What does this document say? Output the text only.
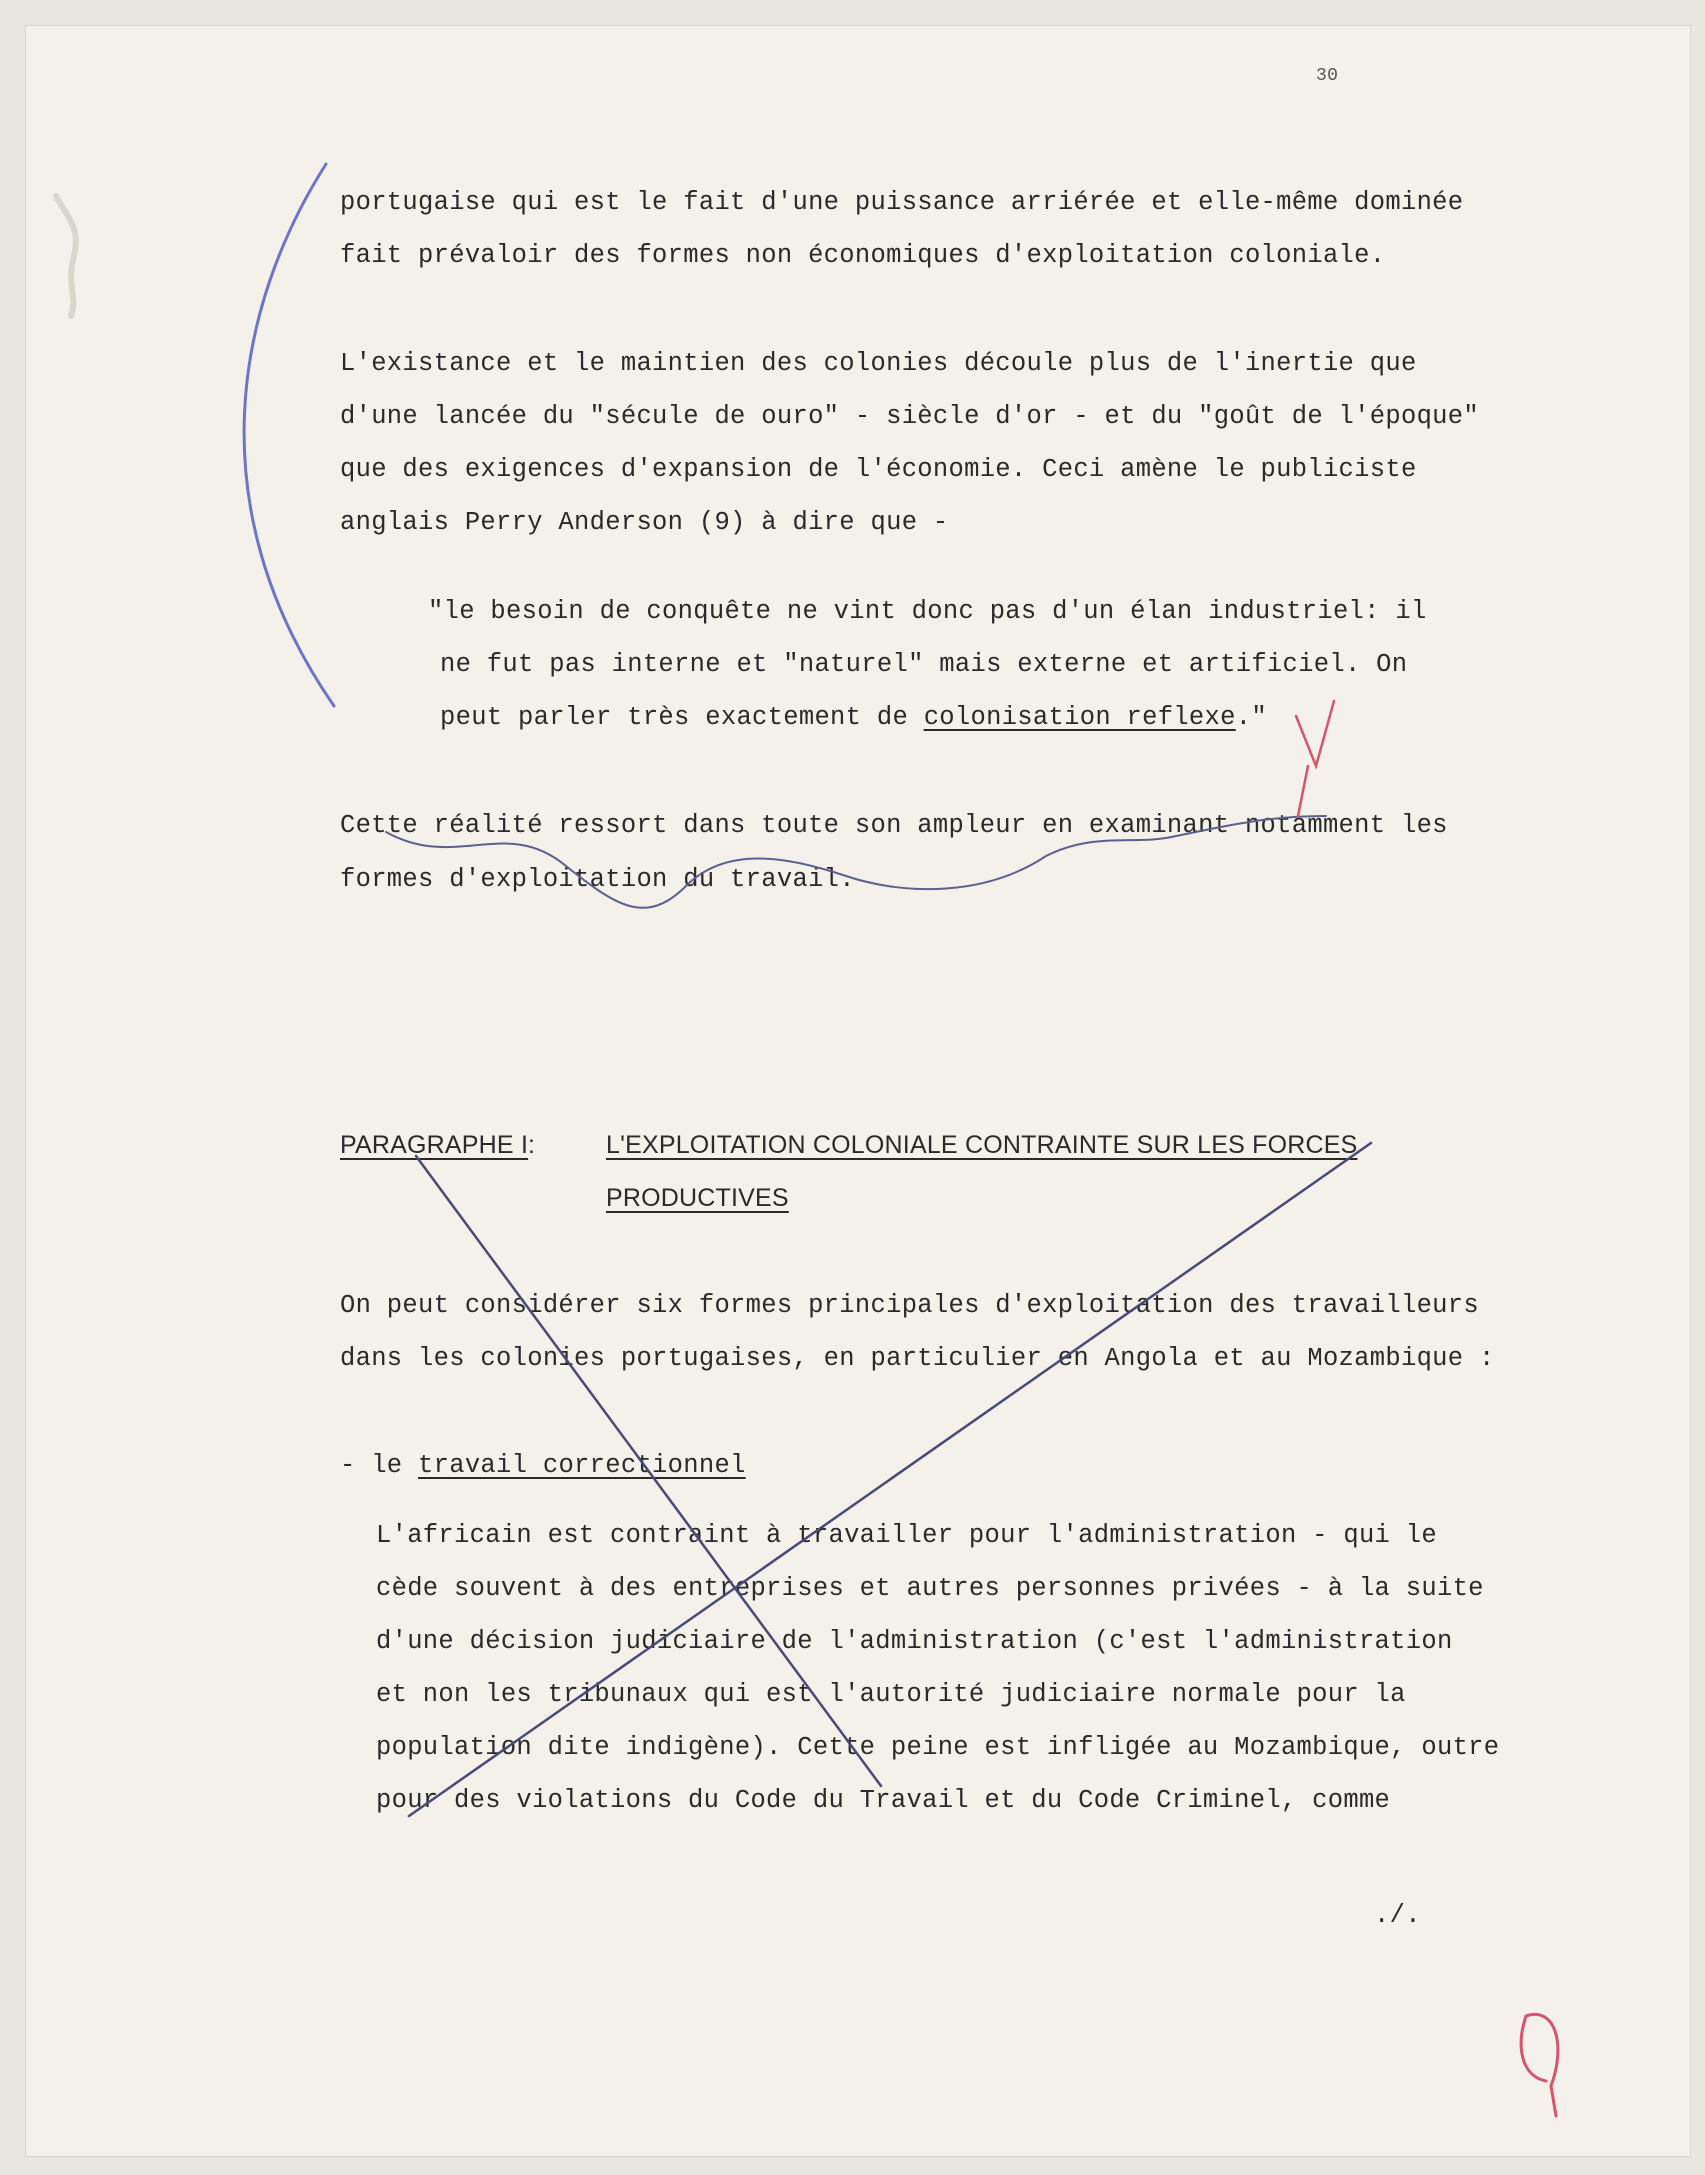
30
portugaise qui est le fait d'une puissance arriérée et elle-même dominée
fait prévaloir des formes non économiques d'exploitation coloniale.
L'existance et le maintien des colonies découle plus de l'inertie que
d'une lancée du "sécule de ouro" - siècle d'or - et du "goût de l'époque"
que des exigences d'expansion de l'économie. Ceci amène le publiciste
anglais Perry Anderson (9) à dire que -
"le besoin de conquête ne vint donc pas d'un élan industriel: il
ne fut pas interne et "naturel" mais externe et artificiel. On
peut parler très exactement de colonisation reflexe."
Cette réalité ressort dans toute son ampleur en examinant notamment les
formes d'exploitation du travail.
PARAGRAPHE I :	L'EXPLOITATION COLONIALE CONTRAINTE SUR LES FORCES
PRODUCTIVES
On peut considérer six formes principales d'exploitation des travailleurs
dans les colonies portugaises, en particulier en Angola et au Mozambique :
- le travail correctionnel
L'africain est contraint à travailler pour l'administration - qui le
cède souvent à des entreprises et autres personnes privées - à la suite
d'une décision judiciaire de l'administration (c'est l'administration
et non les tribunaux qui est l'autorité judiciaire normale pour la
population dite indigène). Cette peine est infligée au Mozambique, outre
pour des violations du Code du Travail et du Code Criminel, comme
./.
